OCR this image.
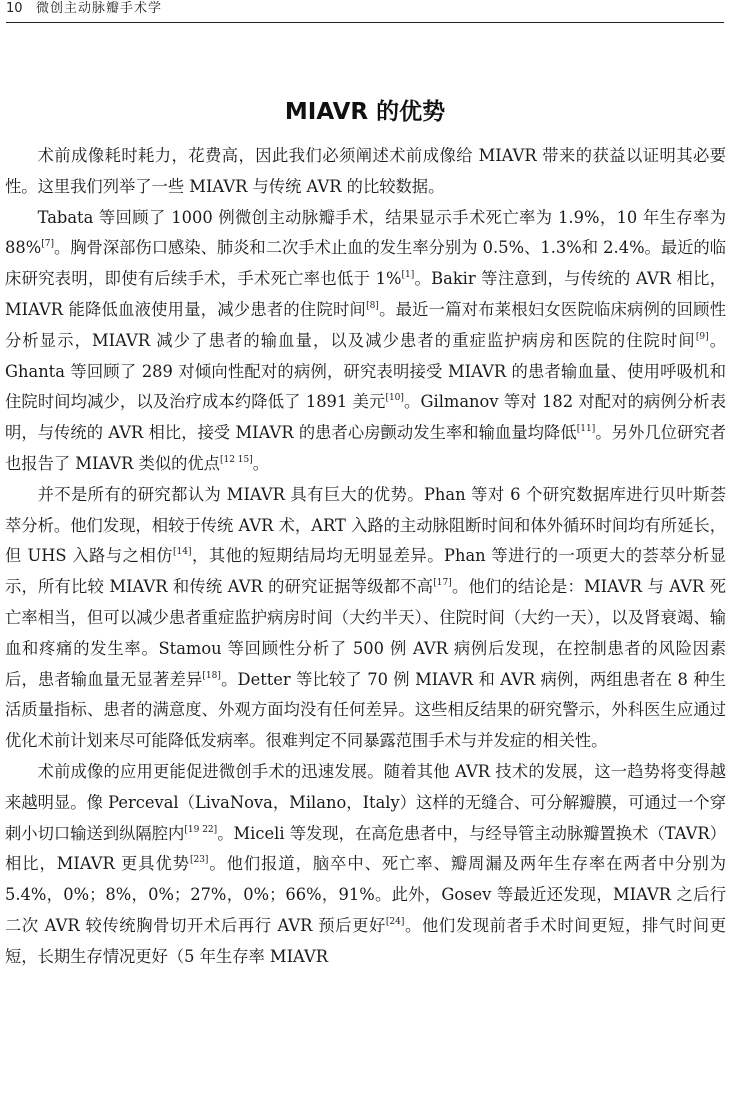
10 微创主动脉瓣手术学
MIAVR 的优势

术前成像耗时耗力，花费高，因此我们必须阐述术前成像给 MIAVR 带来的获益以证明其必要性。这里我们列举了一些 MIAVR 与传统 AVR 的比较数据。

Tabata 等回顾了 1000 例微创主动脉瓣手术，结果显示手术死亡率为 1.9%，10 年生存率为 88%[7]。胸骨深部伤口感染、肺炎和二次手术止血的发生率分别为 0.5%、1.3%和 2.4%。最近的临床研究表明，即使有后续手术，手术死亡率也低于 1%[1]。Bakir 等注意到，与传统的 AVR 相比，MIAVR 能降低血液使用量，减少患者的住院时间[8]。最近一篇对布莱根妇女医院临床病例的回顾性分析显示，MIAVR 减少了患者的输血量，以及减少患者的重症监护病房和医院的住院时间[9]。Ghanta 等回顾了 289 对倾向性配对的病例，研究表明接受 MIAVR 的患者输血量、使用呼吸机和住院时间均减少，以及治疗成本约降低了 1891 美元[10]。Gilmanov 等对 182 对配对的病例分析表明，与传统的 AVR 相比，接受 MIAVR 的患者心房颤动发生率和输血量均降低[11]。另外几位研究者也报告了 MIAVR 类似的优点[12 15]。

并不是所有的研究都认为 MIAVR 具有巨大的优势。Phan 等对 6 个研究数据库进行贝叶斯荟萃分析。他们发现，相较于传统 AVR 术，ART 入路的主动脉阻断时间和体外循环时间均有所延长，但 UHS 入路与之相仿[14]，其他的短期结局均无明显差异。Phan 等进行的一项更大的荟萃分析显示，所有比较 MIAVR 和传统 AVR 的研究证据等级都不高[17]。他们的结论是：MIAVR 与 AVR 死亡率相当，但可以减少患者重症监护病房时间（大约半天）、住院时间（大约一天），以及肾衰竭、输血和疼痛的发生率。Stamou 等回顾性分析了 500 例 AVR 病例后发现，在控制患者的风险因素后，患者输血量无显著差异[18]。Detter 等比较了 70 例 MIAVR 和 AVR 病例，两组患者在 8 种生活质量指标、患者的满意度、外观方面均没有任何差异。这些相反结果的研究警示，外科医生应通过优化术前计划来尽可能降低发病率。很难判定不同暴露范围手术与并发症的相关性。

术前成像的应用更能促进微创手术的迅速发展。随着其他 AVR 技术的发展，这一趋势将变得越来越明显。像 Perceval（LivaNova，Milano，Italy）这样的无缝合、可分解瓣膜，可通过一个穿刺小切口输送到纵隔腔内[19 22]。Miceli 等发现，在高危患者中，与经导管主动脉瓣置换术（TAVR）相比，MIAVR 更具优势[23]。他们报道，脑卒中、死亡率、瓣周漏及两年生存率在两者中分别为 5.4%，0%；8%，0%；27%，0%；66%，91%。此外，Gosev 等最近还发现，MIAVR 之后行二次 AVR 较传统胸骨切开术后再行 AVR 预后更好[24]。他们发现前者手术时间更短，排气时间更短，长期生存情况更好（5 年生存率 MIAVR
